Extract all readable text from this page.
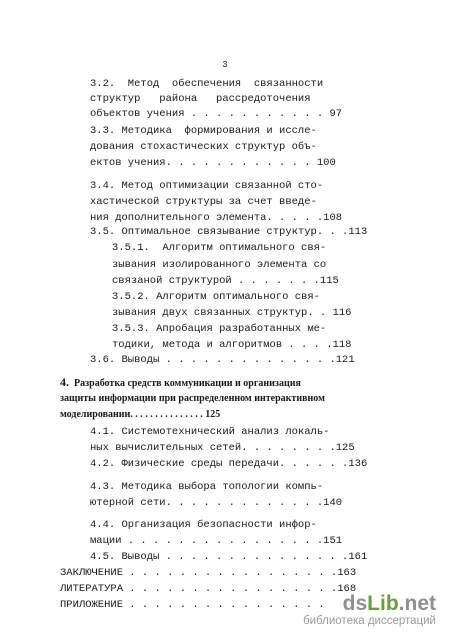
3
3.2.  Метод  обеспечения  связанности
структур   района   рассредоточения
объектов учения . . . . . . . . . . . 97
3.3. Методика  формирования и иссле-
дования стохастических структур объ-
ектов учения. . . . . . . . . . . . 100
3.4. Метод оптимизации связанной сто-
хастической структуры за счет введе-
ния дополнительного элемента. . . . .108
3.5. Оптимальное связывание структур. . .113
3.5.1.  Алгоритм оптимального свя-
зывания изолированного элемента со
связаной структурой . . . . . . .115
3.5.2. Алгоритм оптимального свя-
зывания двух связанных структур. . 116
3.5.3. Апробация разработанных ме-
тодики, метода и алгоритмов . . . .118
3.6. Выводы . . . . . . . . . . . . . .121
4. Разработка средств коммуникации и организация
защиты информации при распределенном интерактивном
моделировании. . . . . . . . . . . . . . . 125
4.1. Системотехнический анализ локаль-
ных вычислительных сетей. . . . . . . .125
4.2. Физические среды передачи. . . . . .136
4.3. Методика выбора топологии компь-
ютерной сети. . . . . . . . . . . . .140
4.4. Организация безопасности инфор-
мации . . . . . . . . . . . . . . . .151
4.5. Выводы . . . . . . . . . . . . . . .161
ЗАКЛЮЧЕНИЕ . . . . . . . . . . . . . . . . .163
ЛИТЕРАТУРА . . . . . . . . . . . . . . . . .168
ПРИЛОЖЕНИЕ . . . . . . . . . . . . . . . . dsLib.net
библиотека диссертаций
